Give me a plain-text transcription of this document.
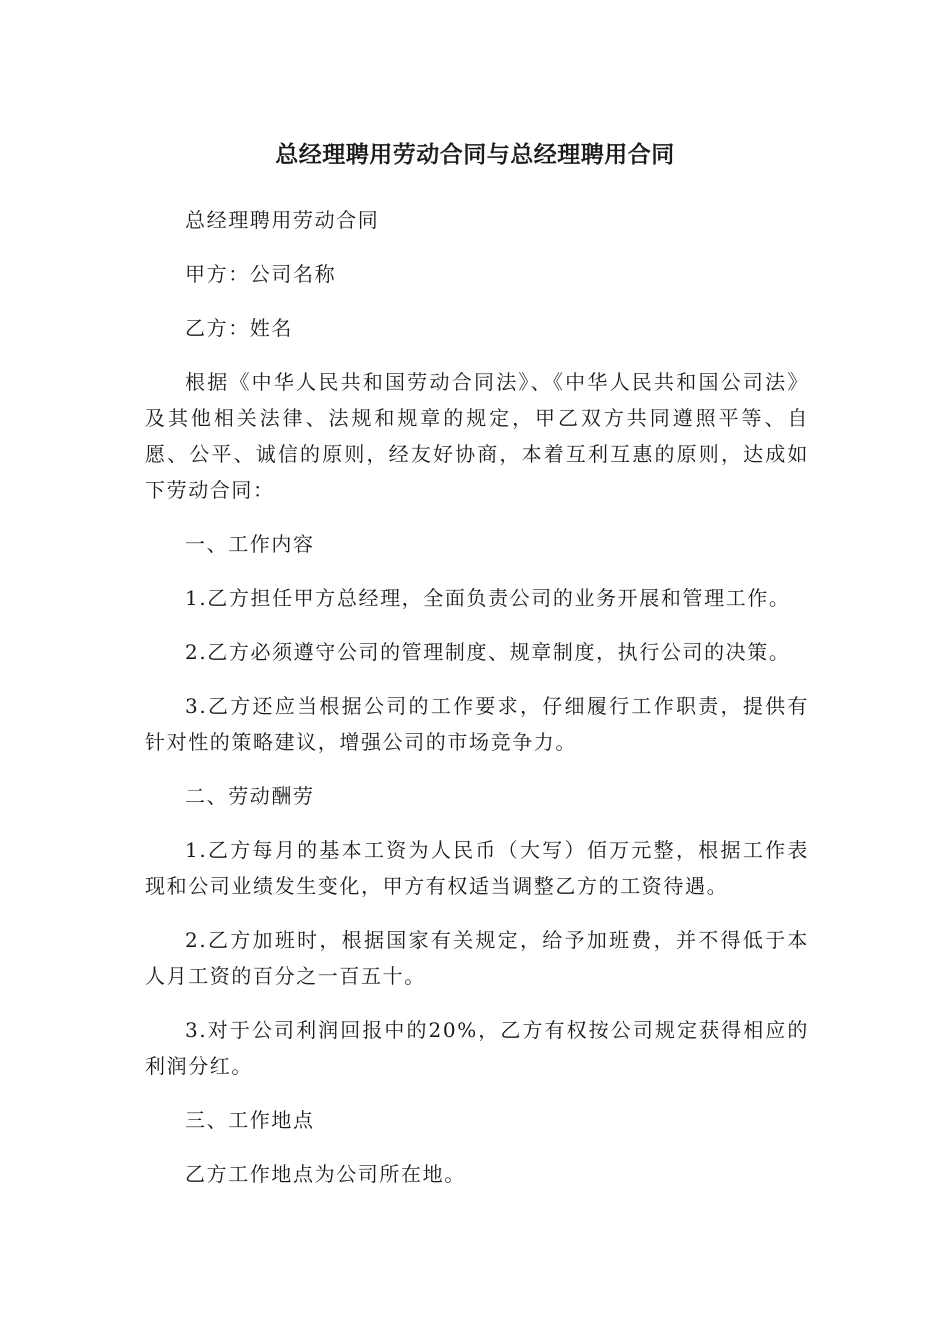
总经理聘用劳动合同与总经理聘用合同

总经理聘用劳动合同

甲方：公司名称

乙方：姓名

根据《中华人民共和国劳动合同法》、《中华人民共和国公司法》及其他相关法律、法规和规章的规定，甲乙双方共同遵照平等、自愿、公平、诚信的原则，经友好协商，本着互利互惠的原则，达成如下劳动合同：

一、工作内容

1.乙方担任甲方总经理，全面负责公司的业务开展和管理工作。

2.乙方必须遵守公司的管理制度、规章制度，执行公司的决策。

3.乙方还应当根据公司的工作要求，仔细履行工作职责，提供有针对性的策略建议，增强公司的市场竞争力。

二、劳动酬劳

1.乙方每月的基本工资为人民币（大写）佰万元整，根据工作表现和公司业绩发生变化，甲方有权适当调整乙方的工资待遇。

2.乙方加班时，根据国家有关规定，给予加班费，并不得低于本人月工资的百分之一百五十。

3.对于公司利润回报中的20%，乙方有权按公司规定获得相应的利润分红。

三、工作地点

乙方工作地点为公司所在地。
